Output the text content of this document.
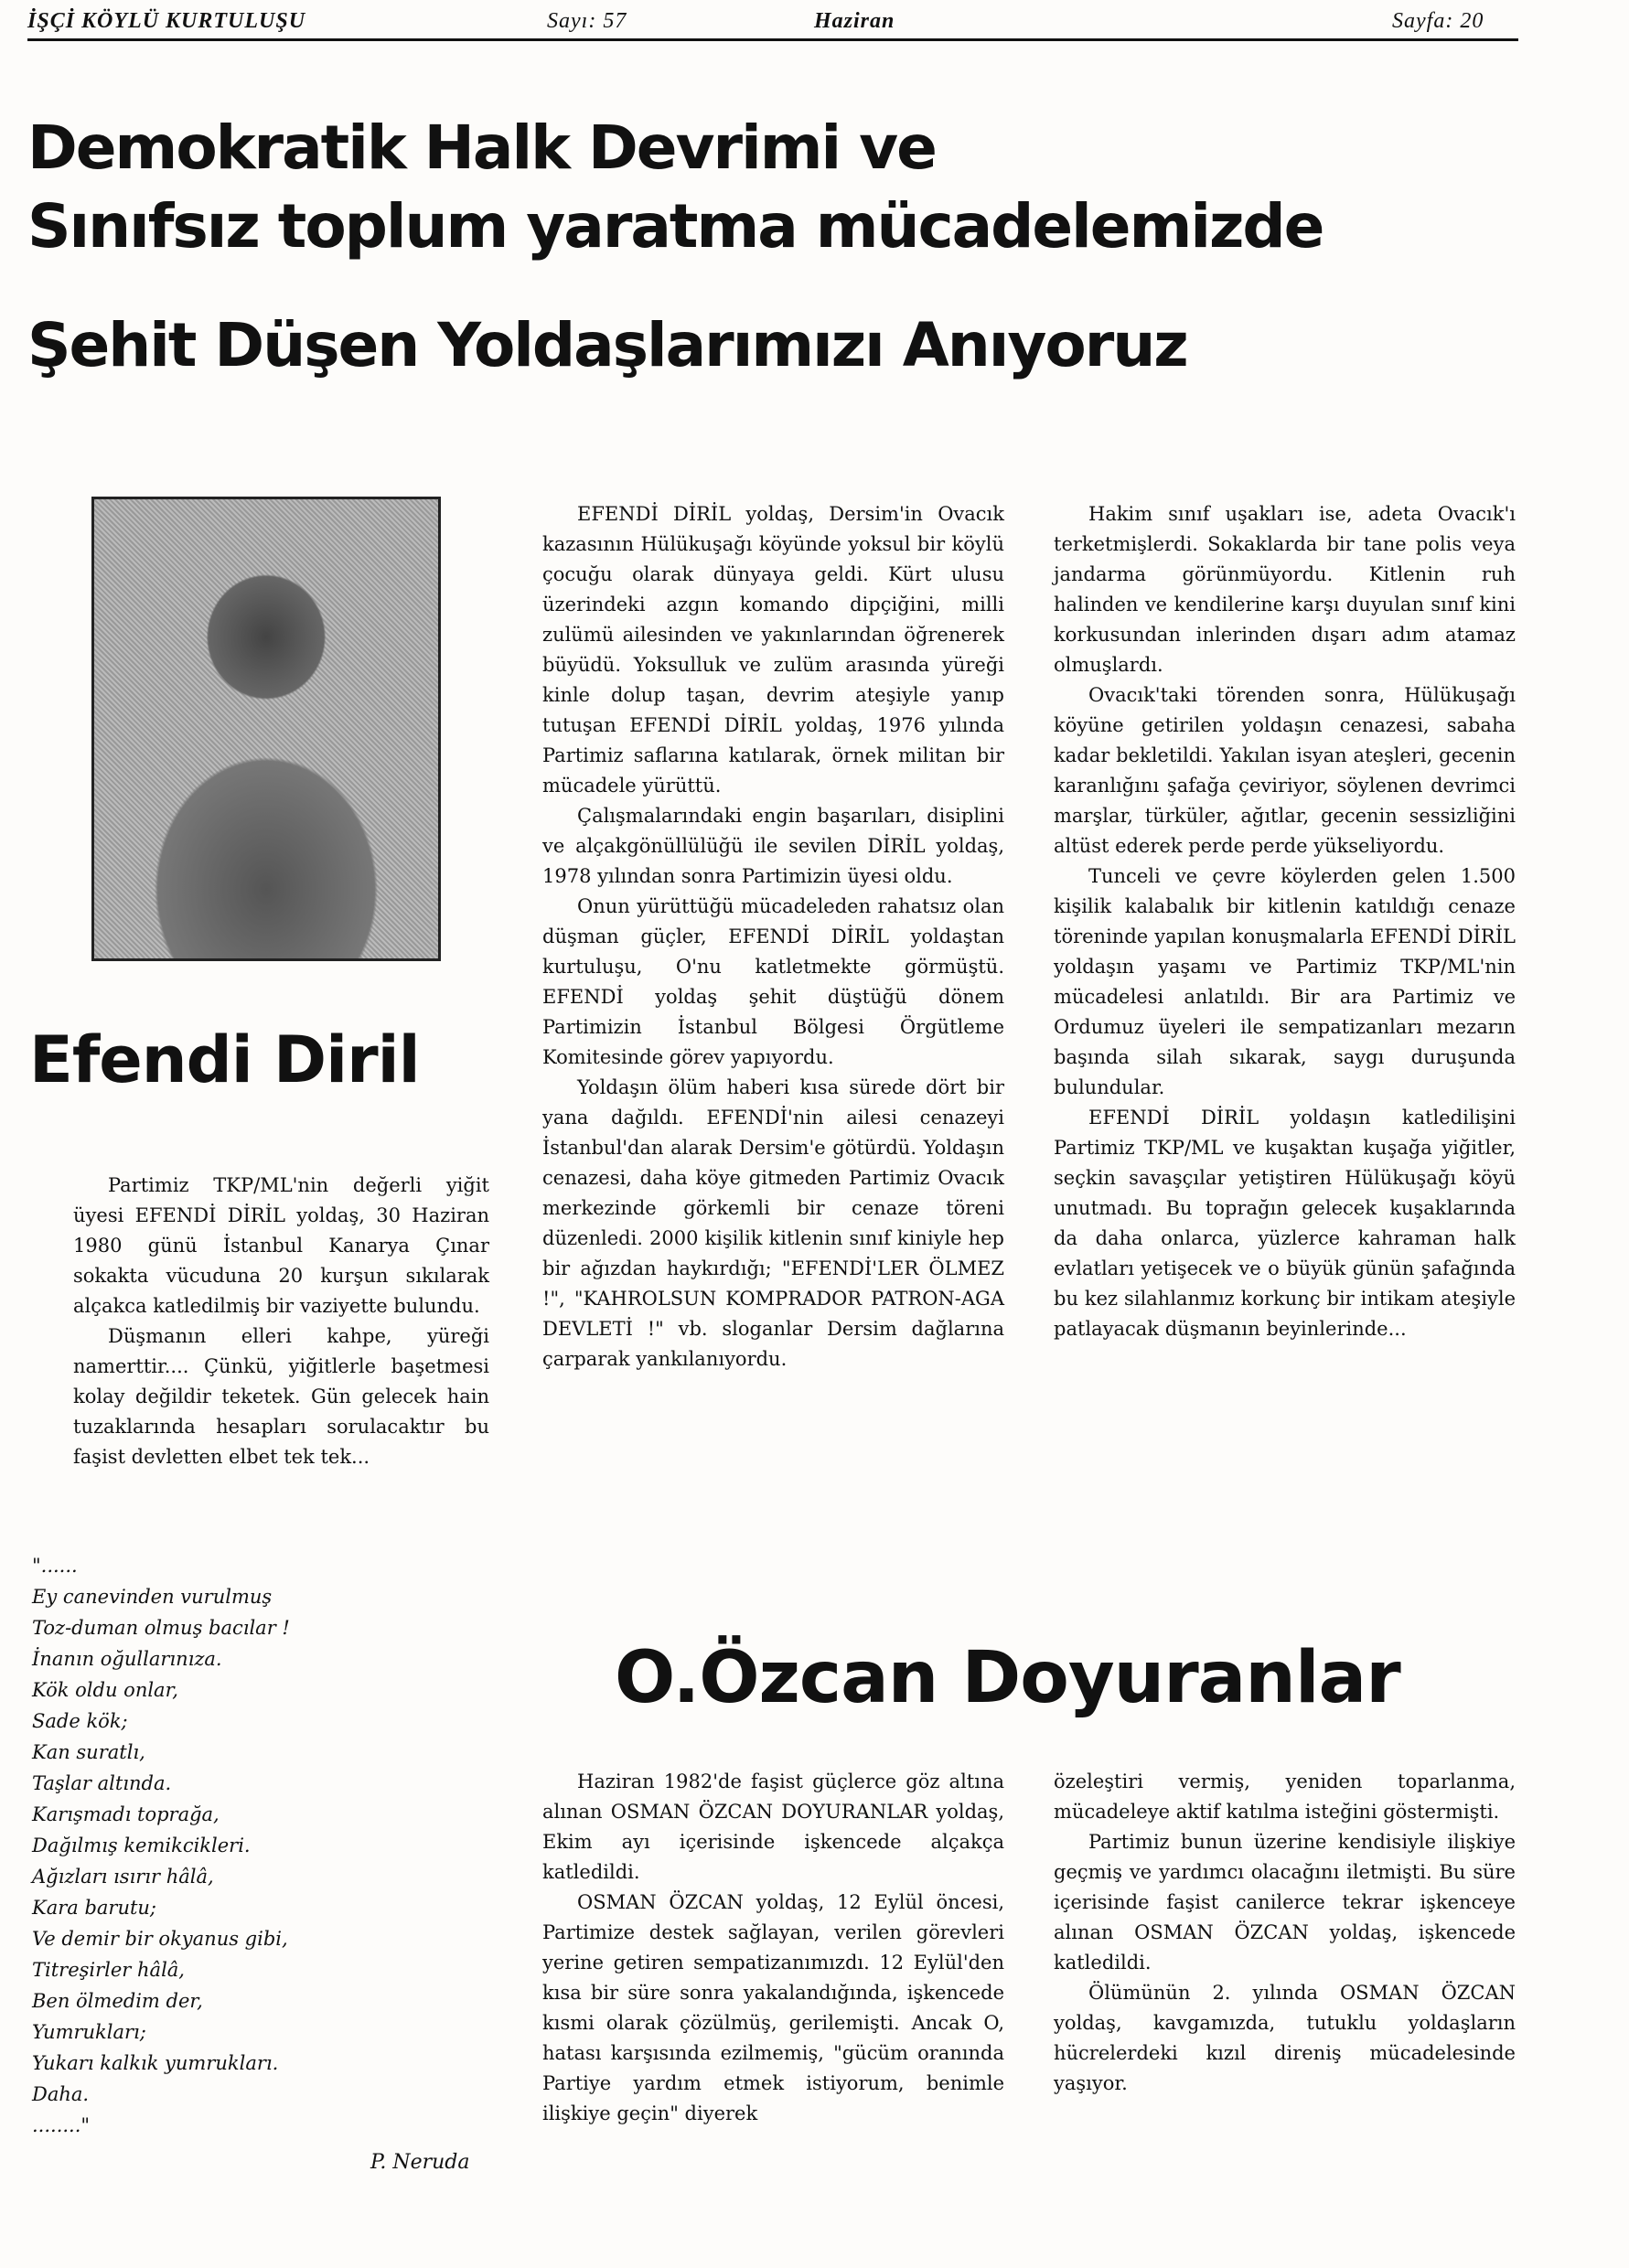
İŞÇİ KÖYLÜ KURTULUŞU	Sayı: 57	Haziran	Sayfa: 20
Demokratik Halk Devrimi ve
Sınıfsız toplum yaratma mücadelemizde
Şehit Düşen Yoldaşlarımızı Anıyoruz
Efendi Diril

Partimiz TKP/ML'nin değerli yiğit üyesi EFENDİ DİRİL yoldaş, 30 Haziran 1980 günü İstanbul Kanarya Çınar sokakta vücuduna 20 kurşun sıkılarak alçakca katledilmiş bir vaziyette bulundu.

Düşmanın elleri kahpe, yüreği namerttir.... Çünkü, yiğitlerle başetmesi kolay değildir teketek. Gün gelecek hain tuzaklarında hesapları sorulacaktır bu faşist devletten elbet tek tek...

"......
Ey canevinden vurulmuş
Toz-duman olmuş bacılar !
İnanın oğullarınıza.
Kök oldu onlar,
Sade kök;
Kan suratlı,
Taşlar altında.
Karışmadı toprağa,
Dağılmış kemikcikleri.
Ağızları ısırır hâlâ,
Kara barutu;
Ve demir bir okyanus gibi,
Titreşirler hâlâ,
Ben ölmedim der,
Yumrukları;
Yukarı kalkık yumrukları.
Daha.
........"
P. Neruda

EFENDİ DİRİL yoldaş, Dersim'in Ovacık kazasının Hülükuşağı köyünde yoksul bir köylü çocuğu olarak dünyaya geldi. Kürt ulusu üzerindeki azgın komando dipçiğini, milli zulümü ailesinden ve yakınlarından öğrenerek büyüdü. Yoksulluk ve zulüm arasında yüreği kinle dolup taşan, devrim ateşiyle yanıp tutuşan EFENDİ DİRİL yoldaş, 1976 yılında Partimiz saflarına katılarak, örnek militan bir mücadele yürüttü.

Çalışmalarındaki engin başarıları, disiplini ve alçakgönüllülüğü ile sevilen DİRİL yoldaş, 1978 yılından sonra Partimizin üyesi oldu.

Onun yürüttüğü mücadeleden rahatsız olan düşman güçler, EFENDİ DİRİL yoldaştan kurtuluşu, O'nu katletmekte görmüştü. EFENDİ yoldaş şehit düştüğü dönem Partimizin İstanbul Bölgesi Örgütleme Komitesinde görev yapıyordu.

Yoldaşın ölüm haberi kısa sürede dört bir yana dağıldı. EFENDİ'nin ailesi cenazeyi İstanbul'dan alarak Dersim'e götürdü. Yoldaşın cenazesi, daha köye gitmeden Partimiz Ovacık merkezinde görkemli bir cenaze töreni düzenledi. 2000 kişilik kitlenin sınıf kiniyle hep bir ağızdan haykırdığı; "EFENDİ'LER ÖLMEZ !", "KAHROLSUN KOMPRADOR PATRON-AGA DEVLETİ !" vb. sloganlar Dersim dağlarına çarparak yankılanıyordu.

Hakim sınıf uşakları ise, adeta Ovacık'ı terketmişlerdi. Sokaklarda bir tane polis veya jandarma görünmüyordu. Kitlenin ruh halinden ve kendilerine karşı duyulan sınıf kini korkusundan inlerinden dışarı adım atamaz olmuşlardı.

Ovacık'taki törenden sonra, Hülükuşağı köyüne getirilen yoldaşın cenazesi, sabaha kadar bekletildi. Yakılan isyan ateşleri, gecenin karanlığını şafağa çeviriyor, söylenen devrimci marşlar, türküler, ağıtlar, gecenin sessizliğini altüst ederek perde perde yükseliyordu.

Tunceli ve çevre köylerden gelen 1.500 kişilik kalabalık bir kitlenin katıldığı cenaze töreninde yapılan konuşmalarla EFENDİ DİRİL yoldaşın yaşamı ve Partimiz TKP/ML'nin mücadelesi anlatıldı. Bir ara Partimiz ve Ordumuz üyeleri ile sempatizanları mezarın başında silah sıkarak, saygı duruşunda bulundular.

EFENDİ DİRİL yoldaşın katledilişini Partimiz TKP/ML ve kuşaktan kuşağa yiğitler, seçkin savaşçılar yetiştiren Hülükuşağı köyü unutmadı. Bu toprağın gelecek kuşaklarında da daha onlarca, yüzlerce kahraman halk evlatları yetişecek ve o büyük günün şafağında bu kez silahlanmız korkunç bir intikam ateşiyle patlayacak düşmanın beyinlerinde...

O.Özcan Doyuranlar

Haziran 1982'de faşist güçlerce göz altına alınan OSMAN ÖZCAN DOYURANLAR yoldaş, Ekim ayı içerisinde işkencede alçakça katledildi.

OSMAN ÖZCAN yoldaş, 12 Eylül öncesi, Partimize destek sağlayan, verilen görevleri yerine getiren sempatizanımızdı. 12 Eylül'den kısa bir süre sonra yakalandığında, işkencede kısmi olarak çözülmüş, gerilemişti. Ancak O, hatası karşısında ezilmemiş, "gücüm oranında Partiye yardım etmek istiyorum, benimle ilişkiye geçin" diyerek

özeleştiri vermiş, yeniden toparlanma, mücadeleye aktif katılma isteğini göstermişti.

Partimiz bunun üzerine kendisiyle ilişkiye geçmiş ve yardımcı olacağını iletmişti. Bu süre içerisinde faşist canilerce tekrar işkenceye alınan OSMAN ÖZCAN yoldaş, işkencede katledildi.

Ölümünün 2. yılında OSMAN ÖZCAN yoldaş, kavgamızda, tutuklu yoldaşların hücrelerdeki kızıl direniş mücadelesinde yaşıyor.
